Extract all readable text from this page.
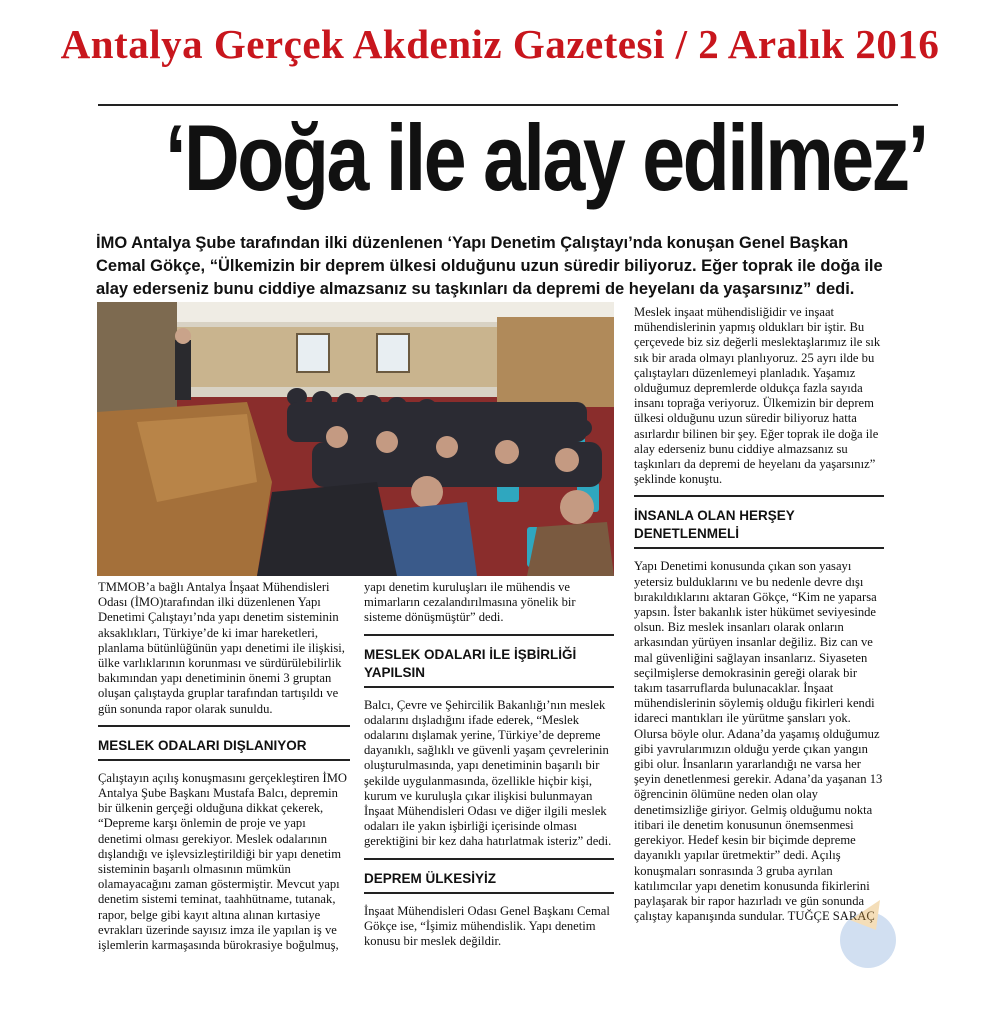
Antalya Gerçek Akdeniz Gazetesi / 2 Aralık 2016
‘Doğa ile alay edilmez’
İMO Antalya Şube tarafından ilki düzenlenen ‘Yapı Denetim Çalıştayı’nda konuşan Genel Başkan
Cemal Gökçe, “Ülkemizin bir deprem ülkesi olduğunu uzun süredir biliyoruz. Eğer toprak ile doğa ile
alay ederseniz bunu ciddiye almazsanız su taşkınları da depremi de heyelanı da yaşarsınız” dedi.

TMMOB’a bağlı Antalya İnşaat Mühendisleri Odası (İMO)tarafından ilki düzenlenen Yapı Denetimi Çalıştayı’nda yapı denetim sisteminin aksaklıkları, Türkiye’de ki imar hareketleri, planlama bütünlüğünün yapı denetimi ile ilişkisi, ülke varlıklarının korunması ve sürdürülebilirlik bakımından yapı denetiminin önemi 3 gruptan oluşan çalıştayda gruplar tarafından tartışıldı ve gün sonunda rapor olarak sunuldu.

MESLEK ODALARI DIŞLANIYOR

Çalıştayın açılış konuşmasını gerçekleştiren İMO Antalya Şube Başkanı Mustafa Balcı, depremin bir ülkenin gerçeği olduğuna dikkat çekerek, “Depreme karşı önlemin de proje ve yapı denetimi olması gerekiyor. Meslek odalarının dışlandığı ve işlevsizleştirildiği bir yapı denetim sisteminin başarılı olmasının mümkün olamayacağını zaman göstermiştir. Mevcut yapı denetim sistemi teminat, taahhütname, tutanak, rapor, belge gibi kayıt altına alınan kırtasiye evrakları üzerinde sayısız imza ile yapılan iş ve işlemlerin karmaşasında bürokrasiye boğulmuş,

yapı denetim kuruluşları ile mühendis ve mimarların cezalandırılmasına yönelik bir sisteme dönüşmüştür” dedi.

MESLEK ODALARI İLE İŞBİRLİĞİ YAPILSIN

Balcı, Çevre ve Şehircilik Bakanlığı’nın meslek odalarını dışladığını ifade ederek, “Meslek odalarını dışlamak yerine, Türkiye’de depreme dayanıklı, sağlıklı ve güvenli yaşam çevrelerinin oluşturulmasında, yapı denetiminin başarılı bir şekilde uygulanmasında, özellikle hiçbir kişi, kurum ve kuruluşla çıkar ilişkisi bulunmayan İnşaat Mühendisleri Odası ve diğer ilgili meslek odaları ile yakın işbirliği içerisinde olması gerektiğini bir kez daha hatırlatmak isteriz” dedi.

DEPREM ÜLKESİYİZ

İnşaat Mühendisleri Odası Genel Başkanı Cemal Gökçe ise, “İşimiz mühendislik. Yapı denetim konusu bir meslek değildir.

Meslek inşaat mühendisliğidir ve inşaat mühendislerinin yapmış oldukları bir iştir. Bu çerçevede biz siz değerli meslektaşlarımız ile sık sık bir arada olmayı planlıyoruz. 25 ayrı ilde bu çalıştayları düzenlemeyi planladık. Yaşamız olduğumuz depremlerde oldukça fazla sayıda insanı toprağa veriyoruz. Ülkemizin bir deprem ülkesi olduğunu uzun süredir biliyoruz hatta asırlardır bilinen bir şey. Eğer toprak ile doğa ile alay ederseniz bunu ciddiye almazsanız su taşkınları da depremi de heyelanı da yaşarsınız” şeklinde konuştu.

İNSANLA OLAN HERŞEY DENETLENMELİ

Yapı Denetimi konusunda çıkan son yasayı yetersiz bulduklarını ve bu nedenle devre dışı bırakıldıklarını aktaran Gökçe, “Kim ne yaparsa yapsın. İster bakanlık ister hükümet seviyesinde olsun. Biz meslek insanları olarak onların arkasından yürüyen insanlar değiliz. Biz can ve mal güvenliğini sağlayan insanlarız. Siyaseten seçilmişlerse demokrasinin gereği olarak bir takım tasarruflarda bulunacaklar. İnşaat mühendislerinin söylemiş olduğu fikirleri kendi idareci mantıkları ile yürütme şansları yok. Olursa böyle olur. Adana’da yaşamış olduğumuz gibi yavrularımızın olduğu yerde çıkan yangın gibi olur. İnsanların yararlandığı ne varsa her şeyin denetlenmesi gerekir. Adana’da yaşanan 13 öğrencinin ölümüne neden olan olay denetimsizliğe giriyor. Gelmiş olduğumu nokta itibari ile denetim konusunun önemsenmesi gerekiyor. Hedef kesin bir biçimde depreme dayanıklı yapılar üretmektir” dedi. Açılış konuşmaları sonrasında 3 gruba ayrılan katılımcılar yapı denetim konusunda fikirlerini paylaşarak bir rapor hazırladı ve gün sonunda çalıştay kapanışında sundular. TUĞÇE SARAÇ
